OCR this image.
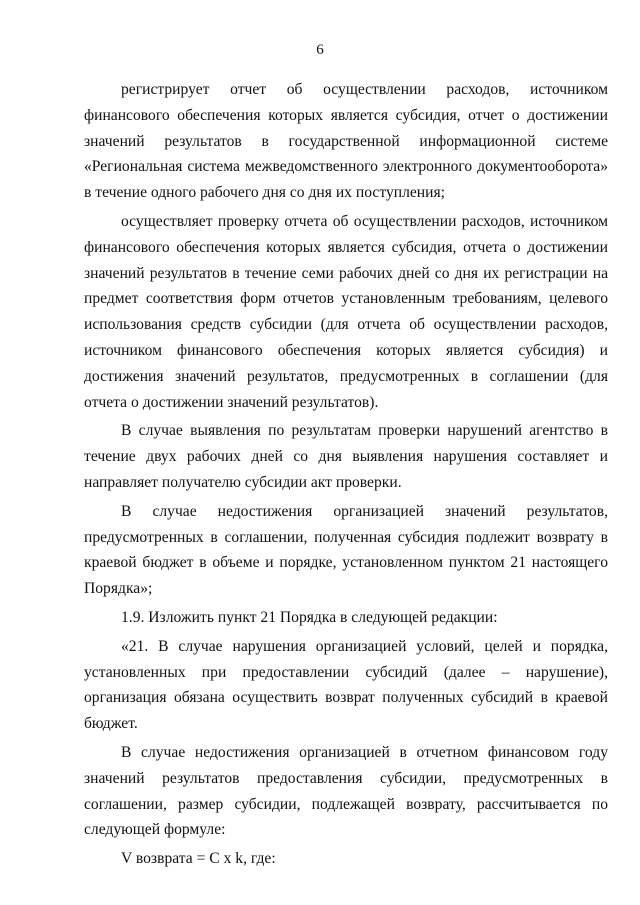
6

регистрирует отчет об осуществлении расходов, источником финансового обеспечения которых является субсидия, отчет о достижении значений результатов в государственной информационной системе «Региональная система межведомственного электронного документооборота» в течение одного рабочего дня со дня их поступления;

осуществляет проверку отчета об осуществлении расходов, источником финансового обеспечения которых является субсидия, отчета о достижении значений результатов в течение семи рабочих дней со дня их регистрации на предмет соответствия форм отчетов установленным требованиям, целевого использования средств субсидии (для отчета об осуществлении расходов, источником финансового обеспечения которых является субсидия) и достижения значений результатов, предусмотренных в соглашении (для отчета о достижении значений результатов).

В случае выявления по результатам проверки нарушений агентство в течение двух рабочих дней со дня выявления нарушения составляет и направляет получателю субсидии акт проверки.

В случае недостижения организацией значений результатов, предусмотренных в соглашении, полученная субсидия подлежит возврату в краевой бюджет в объеме и порядке, установленном пунктом 21 настоящего Порядка»;

1.9. Изложить пункт 21 Порядка в следующей редакции:

«21. В случае нарушения организацией условий, целей и порядка, установленных при предоставлении субсидий (далее – нарушение), организация обязана осуществить возврат полученных субсидий в краевой бюджет.

В случае недостижения организацией в отчетном финансовом году значений результатов предоставления субсидии, предусмотренных в соглашении, размер субсидии, подлежащей возврату, рассчитывается по следующей формуле:

V возврата = C x k, где:
